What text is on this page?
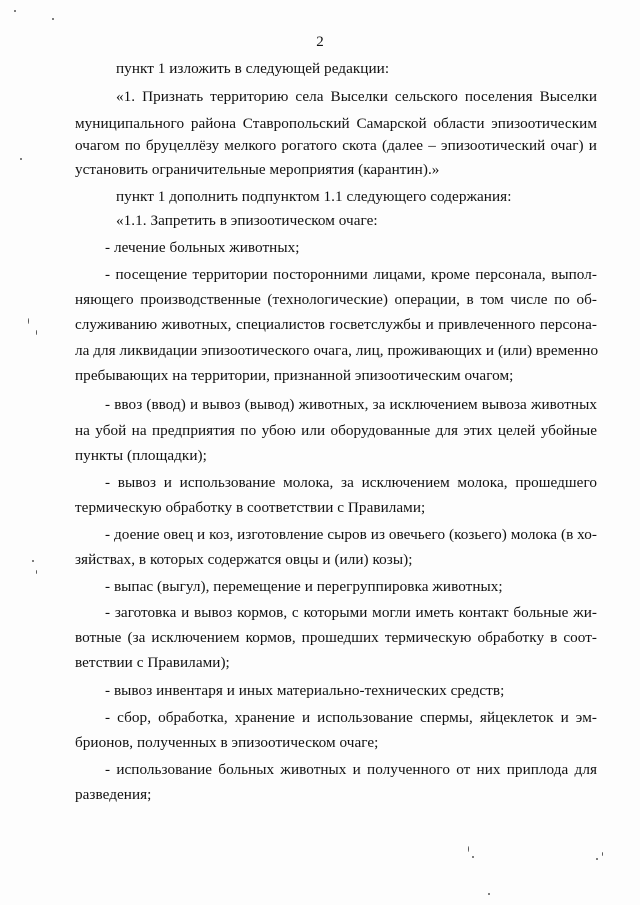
2
пункт 1 изложить в следующей редакции:
«1. Признать территорию села Выселки сельского поселения Выселки
муниципального района Ставропольский Самарской области эпизоотическим
очагом по бруцеллёзу мелкого рогатого скота (далее – эпизоотический очаг) и
установить ограничительные мероприятия (карантин).»
пункт 1 дополнить подпунктом 1.1 следующего содержания:
«1.1. Запретить в эпизоотическом очаге:
- лечение больных животных;
- посещение территории посторонними лицами, кроме персонала, выпол-
няющего производственные (технологические) операции, в том числе по об-
служиванию животных, специалистов госветслужбы и привлеченного персона-
ла для ликвидации эпизоотического очага, лиц, проживающих и (или) временно
пребывающих на территории, признанной эпизоотическим очагом;
- ввоз (ввод) и вывоз (вывод) животных, за исключением вывоза животных
на убой на предприятия по убою или оборудованные для этих целей убойные
пункты (площадки);
- вывоз и использование молока, за исключением молока, прошедшего
термическую обработку в соответствии с Правилами;
- доение овец и коз, изготовление сыров из овечьего (козьего) молока (в хо-
зяйствах, в которых содержатся овцы и (или) козы);
- выпас (выгул), перемещение и перегруппировка животных;
- заготовка и вывоз кормов, с которыми могли иметь контакт больные жи-
вотные (за исключением кормов, прошедших термическую обработку в соот-
ветствии с Правилами);
- вывоз инвентаря и иных материально-технических средств;
- сбор, обработка, хранение и использование спермы, яйцеклеток и эм-
брионов, полученных в эпизоотическом очаге;
- использование больных животных и полученного от них приплода для
разведения;
